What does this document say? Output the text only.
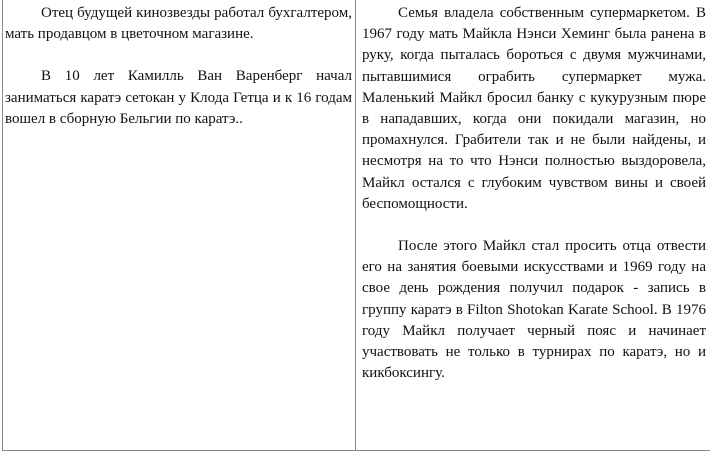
Отец будущей кинозвезды работал бухгалтером, мать продавцом в цветочном магазине.

В 10 лет Камилль Ван Варенберг начал заниматься каратэ сетокан у Клода Гетца и к 16 годам вошел в сборную Бельгии по каратэ..

Семья владела собственным супермаркетом. В 1967 году мать Майкла Нэнси Хеминг была ранена в руку, когда пыталась бороться с двумя мужчинами, пытавшимися ограбить супермаркет мужа. Маленький Майкл бросил банку с кукурузным пюре в нападавших, когда они покидали магазин, но промахнулся. Грабители так и не были найдены, и несмотря на то что Нэнси полностью выздоровела, Майкл остался с глубоким чувством вины и своей беспомощности.

После этого Майкл стал просить отца отвести его на занятия боевыми искусствами и 1969 году на свое день рождения получил подарок - запись в группу каратэ в Filton Shotokan Karate School. В 1976 году Майкл получает черный пояс и начинает участвовать не только в турнирах по каратэ, но и кикбоксингу.
